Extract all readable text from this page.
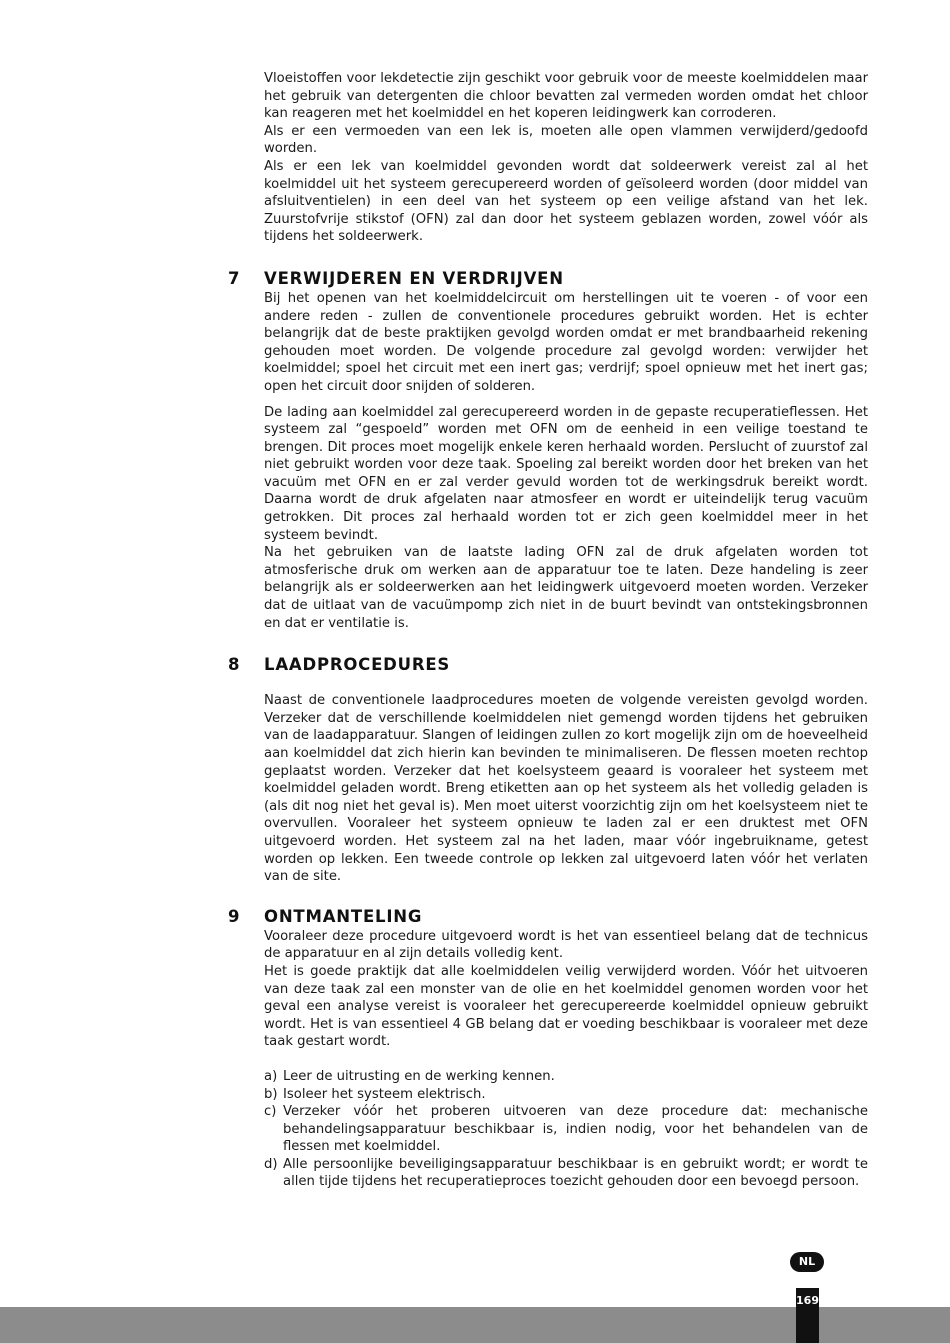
Vloeistoffen voor lekdetectie zijn geschikt voor gebruik voor de meeste koelmiddelen maar het gebruik van detergenten die chloor bevatten zal vermeden worden omdat het chloor kan reageren met het koelmiddel en het koperen leidingwerk kan corroderen.

Als er een vermoeden van een lek is, moeten alle open vlammen verwijderd/gedoofd worden.

Als er een lek van koelmiddel gevonden wordt dat soldeerwerk vereist zal al het koelmiddel uit het systeem gerecupereerd worden of geïsoleerd worden (door middel van afsluitventielen) in een deel van het systeem op een veilige afstand van het lek. Zuurstofvrije stikstof (OFN) zal dan door het systeem geblazen worden, zowel vóór als tijdens het soldeerwerk.

7 VERWIJDEREN EN VERDRIJVEN

Bij het openen van het koelmiddelcircuit om herstellingen uit te voeren - of voor een andere reden - zullen de conventionele procedures gebruikt worden. Het is echter belangrijk dat de beste praktijken gevolgd worden omdat er met brandbaarheid rekening gehouden moet worden. De volgende procedure zal gevolgd worden: verwijder het koelmiddel; spoel het circuit met een inert gas; verdrijf; spoel opnieuw met het inert gas; open het circuit door snijden of solderen.

De lading aan koelmiddel zal gerecupereerd worden in de gepaste recuperatieflessen. Het systeem zal “gespoeld” worden met OFN om de eenheid in een veilige toestand te brengen. Dit proces moet mogelijk enkele keren herhaald worden. Perslucht of zuurstof zal niet gebruikt worden voor deze taak. Spoeling zal bereikt worden door het breken van het vacuüm met OFN en er zal verder gevuld worden tot de werkingsdruk bereikt wordt. Daarna wordt de druk afgelaten naar atmosfeer en wordt er uiteindelijk terug vacuüm getrokken. Dit proces zal herhaald worden tot er zich geen koelmiddel meer in het systeem bevindt.

Na het gebruiken van de laatste lading OFN zal de druk afgelaten worden tot atmosferische druk om werken aan de apparatuur toe te laten. Deze handeling is zeer belangrijk als er soldeerwerken aan het leidingwerk uitgevoerd moeten worden. Verzeker dat de uitlaat van de vacuümpomp zich niet in de buurt bevindt van ontstekingsbronnen en dat er ventilatie is.

8 LAADPROCEDURES

Naast de conventionele laadprocedures moeten de volgende vereisten gevolgd worden. Verzeker dat de verschillende koelmiddelen niet gemengd worden tijdens het gebruiken van de laadapparatuur. Slangen of leidingen zullen zo kort mogelijk zijn om de hoeveelheid aan koelmiddel dat zich hierin kan bevinden te minimaliseren. De flessen moeten rechtop geplaatst worden. Verzeker dat het koelsysteem geaard is vooraleer het systeem met koelmiddel geladen wordt. Breng etiketten aan op het systeem als het volledig geladen is (als dit nog niet het geval is). Men moet uiterst voorzichtig zijn om het koelsysteem niet te overvullen. Vooraleer het systeem opnieuw te laden zal er een druktest met OFN uitgevoerd worden. Het systeem zal na het laden, maar vóór ingebruikname, getest worden op lekken. Een tweede controle op lekken zal uitgevoerd laten vóór het verlaten van de site.

9 ONTMANTELING

Vooraleer deze procedure uitgevoerd wordt is het van essentieel belang dat de technicus de apparatuur en al zijn details volledig kent.

Het is goede praktijk dat alle koelmiddelen veilig verwijderd worden. Vóór het uitvoeren van deze taak zal een monster van de olie en het koelmiddel genomen worden voor het geval een analyse vereist is vooraleer het gerecupereerde koelmiddel opnieuw gebruikt wordt. Het is van essentieel 4 GB belang dat er voeding beschikbaar is vooraleer met deze taak gestart wordt.

a) Leer de uitrusting en de werking kennen.
b) Isoleer het systeem elektrisch.
c) Verzeker vóór het proberen uitvoeren van deze procedure dat: mechanische behandelingsapparatuur beschikbaar is, indien nodig, voor het behandelen van de flessen met koelmiddel.
d) Alle persoonlijke beveiligingsapparatuur beschikbaar is en gebruikt wordt; er wordt te allen tijde tijdens het recuperatieproces toezicht gehouden door een bevoegd persoon.
NL
169
